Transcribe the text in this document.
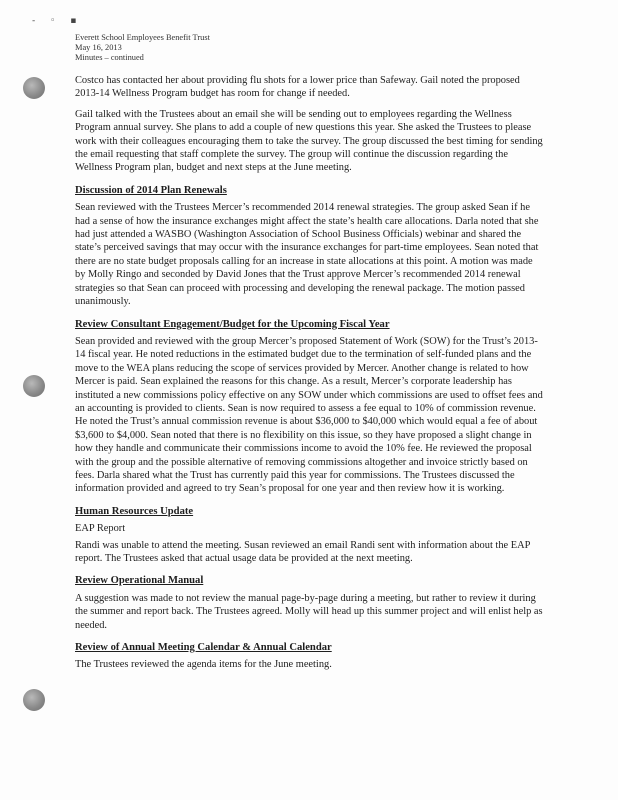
- ◦ ▪
Everett School Employees Benefit Trust
May 16, 2013
Minutes – continued

Costco has contacted her about providing flu shots for a lower price than Safeway. Gail noted the proposed 2013-14 Wellness Program budget has room for change if needed.

Gail talked with the Trustees about an email she will be sending out to employees regarding the Wellness Program annual survey. She plans to add a couple of new questions this year. She asked the Trustees to please work with their colleagues encouraging them to take the survey. The group discussed the best timing for sending the email requesting that staff complete the survey. The group will continue the discussion regarding the Wellness Program plan, budget and next steps at the June meeting.

Discussion of 2014 Plan Renewals

Sean reviewed with the Trustees Mercer’s recommended 2014 renewal strategies. The group asked Sean if he had a sense of how the insurance exchanges might affect the state’s health care allocations. Darla noted that she had just attended a WASBO (Washington Association of School Business Officials) webinar and shared the state’s perceived savings that may occur with the insurance exchanges for part-time employees. Sean noted that there are no state budget proposals calling for an increase in state allocations at this point. A motion was made by Molly Ringo and seconded by David Jones that the Trust approve Mercer’s recommended 2014 renewal strategies so that Sean can proceed with processing and developing the renewal package. The motion passed unanimously.

Review Consultant Engagement/Budget for the Upcoming Fiscal Year

Sean provided and reviewed with the group Mercer’s proposed Statement of Work (SOW) for the Trust’s 2013-14 fiscal year. He noted reductions in the estimated budget due to the termination of self-funded plans and the move to the WEA plans reducing the scope of services provided by Mercer. Another change is related to how Mercer is paid. Sean explained the reasons for this change. As a result, Mercer’s corporate leadership has instituted a new commissions policy effective on any SOW under which commissions are used to offset fees and an accounting is provided to clients. Sean is now required to assess a fee equal to 10% of commission revenue. He noted the Trust’s annual commission revenue is about $36,000 to $40,000 which would equal a fee of about $3,600 to $4,000. Sean noted that there is no flexibility on this issue, so they have proposed a slight change in how they handle and communicate their commissions income to avoid the 10% fee. He reviewed the proposal with the group and the possible alternative of removing commissions altogether and invoice strictly based on fees. Darla shared what the Trust has currently paid this year for commissions. The Trustees discussed the information provided and agreed to try Sean’s proposal for one year and then review how it is working.

Human Resources Update
EAP Report

Randi was unable to attend the meeting. Susan reviewed an email Randi sent with information about the EAP report. The Trustees asked that actual usage data be provided at the next meeting.

Review Operational Manual

A suggestion was made to not review the manual page-by-page during a meeting, but rather to review it during the summer and report back. The Trustees agreed. Molly will head up this summer project and will enlist help as needed.

Review of Annual Meeting Calendar & Annual Calendar

The Trustees reviewed the agenda items for the June meeting.
